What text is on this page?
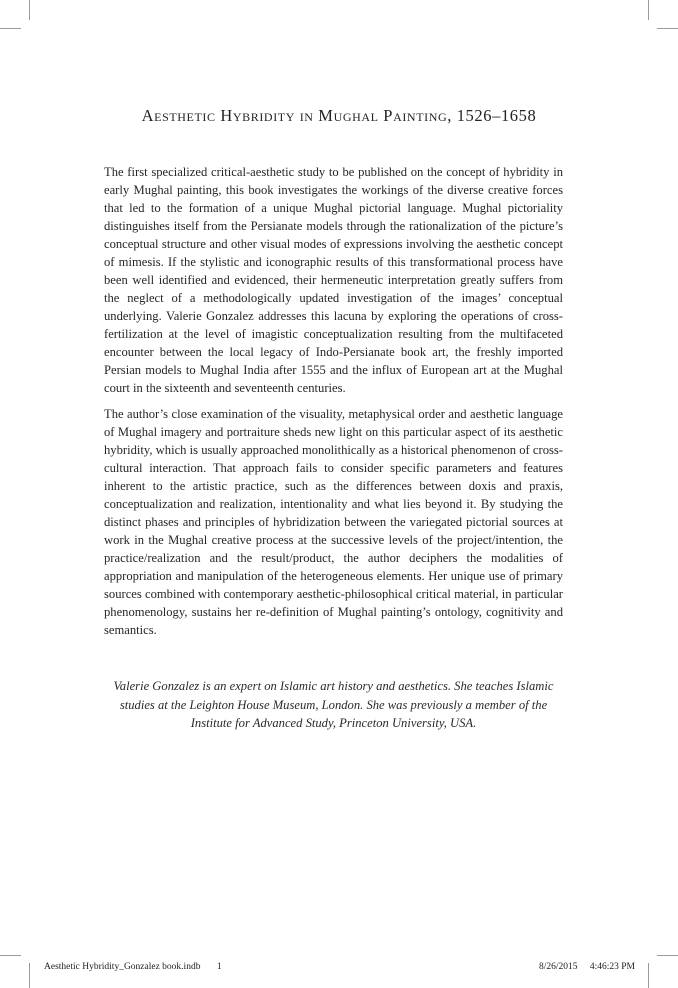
Aesthetic Hybridity in Mughal Painting, 1526–1658

The first specialized critical-aesthetic study to be published on the concept of hybridity in early Mughal painting, this book investigates the workings of the diverse creative forces that led to the formation of a unique Mughal pictorial language. Mughal pictoriality distinguishes itself from the Persianate models through the rationalization of the picture’s conceptual structure and other visual modes of expressions involving the aesthetic concept of mimesis. If the stylistic and iconographic results of this transformational process have been well identified and evidenced, their hermeneutic interpretation greatly suffers from the neglect of a methodologically updated investigation of the images’ conceptual underlying. Valerie Gonzalez addresses this lacuna by exploring the operations of cross-fertilization at the level of imagistic conceptualization resulting from the multifaceted encounter between the local legacy of Indo-Persianate book art, the freshly imported Persian models to Mughal India after 1555 and the influx of European art at the Mughal court in the sixteenth and seventeenth centuries.

The author’s close examination of the visuality, metaphysical order and aesthetic language of Mughal imagery and portraiture sheds new light on this particular aspect of its aesthetic hybridity, which is usually approached monolithically as a historical phenomenon of cross-cultural interaction. That approach fails to consider specific parameters and features inherent to the artistic practice, such as the differences between doxis and praxis, conceptualization and realization, intentionality and what lies beyond it. By studying the distinct phases and principles of hybridization between the variegated pictorial sources at work in the Mughal creative process at the successive levels of the project/intention, the practice/realization and the result/product, the author deciphers the modalities of appropriation and manipulation of the heterogeneous elements. Her unique use of primary sources combined with contemporary aesthetic-philosophical critical material, in particular phenomenology, sustains her re-definition of Mughal painting’s ontology, cognitivity and semantics.

Valerie Gonzalez is an expert on Islamic art history and aesthetics. She teaches Islamic studies at the Leighton House Museum, London. She was previously a member of the Institute for Advanced Study, Princeton University, USA.
Aesthetic Hybridity_Gonzalez book.indb 1	8/26/2015 4:46:23 PM
